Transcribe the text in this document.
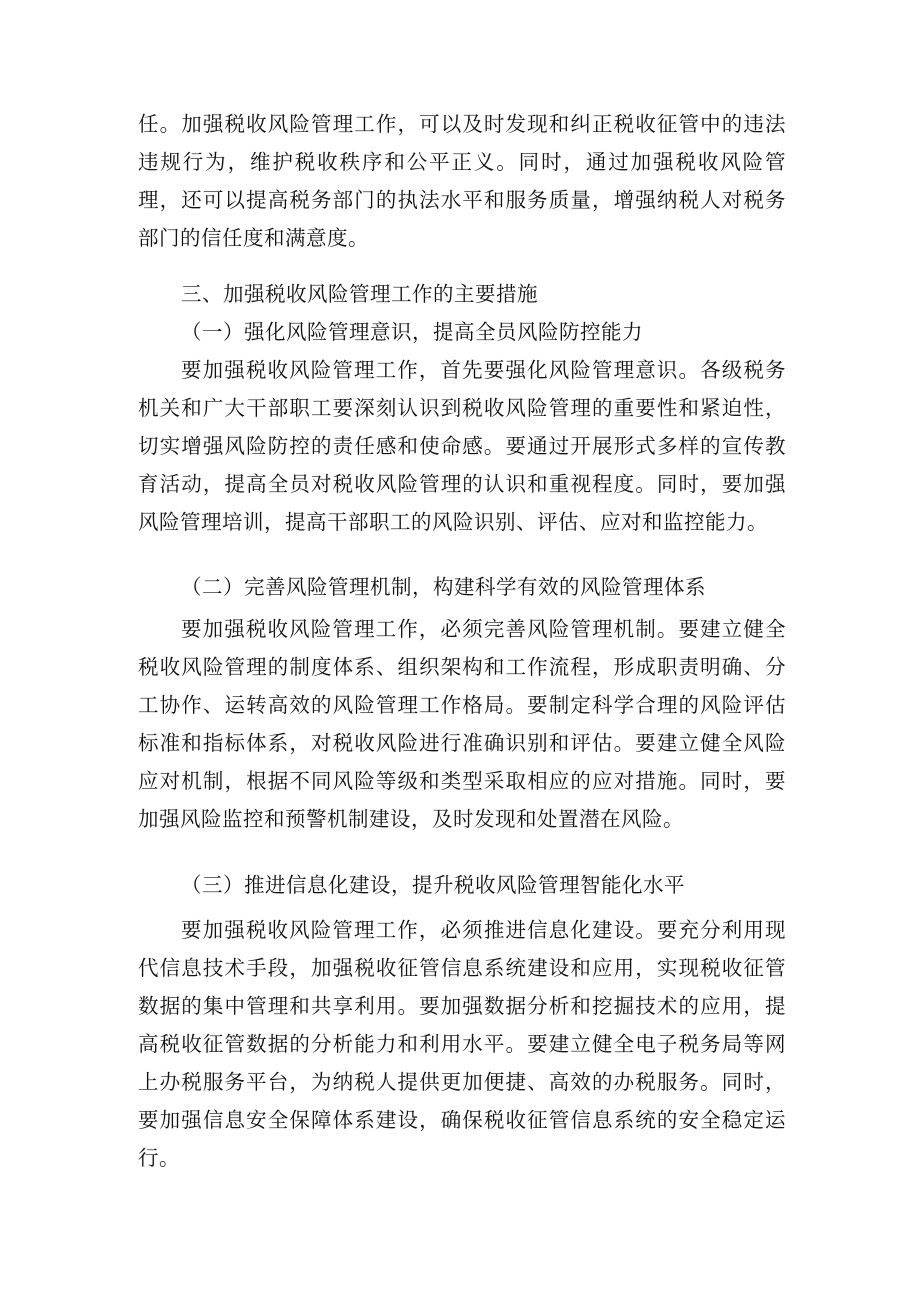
任。加强税收风险管理工作，可以及时发现和纠正税收征管中的违法违规行为，维护税收秩序和公平正义。同时，通过加强税收风险管理，还可以提高税务部门的执法水平和服务质量，增强纳税人对税务部门的信任度和满意度。

三、加强税收风险管理工作的主要措施

（一）强化风险管理意识，提高全员风险防控能力

要加强税收风险管理工作，首先要强化风险管理意识。各级税务机关和广大干部职工要深刻认识到税收风险管理的重要性和紧迫性，切实增强风险防控的责任感和使命感。要通过开展形式多样的宣传教育活动，提高全员对税收风险管理的认识和重视程度。同时，要加强风险管理培训，提高干部职工的风险识别、评估、应对和监控能力。

（二）完善风险管理机制，构建科学有效的风险管理体系

要加强税收风险管理工作，必须完善风险管理机制。要建立健全税收风险管理的制度体系、组织架构和工作流程，形成职责明确、分工协作、运转高效的风险管理工作格局。要制定科学合理的风险评估标准和指标体系，对税收风险进行准确识别和评估。要建立健全风险应对机制，根据不同风险等级和类型采取相应的应对措施。同时，要加强风险监控和预警机制建设，及时发现和处置潜在风险。

（三）推进信息化建设，提升税收风险管理智能化水平

要加强税收风险管理工作，必须推进信息化建设。要充分利用现代信息技术手段，加强税收征管信息系统建设和应用，实现税收征管数据的集中管理和共享利用。要加强数据分析和挖掘技术的应用，提高税收征管数据的分析能力和利用水平。要建立健全电子税务局等网上办税服务平台，为纳税人提供更加便捷、高效的办税服务。同时，要加强信息安全保障体系建设，确保税收征管信息系统的安全稳定运行。
